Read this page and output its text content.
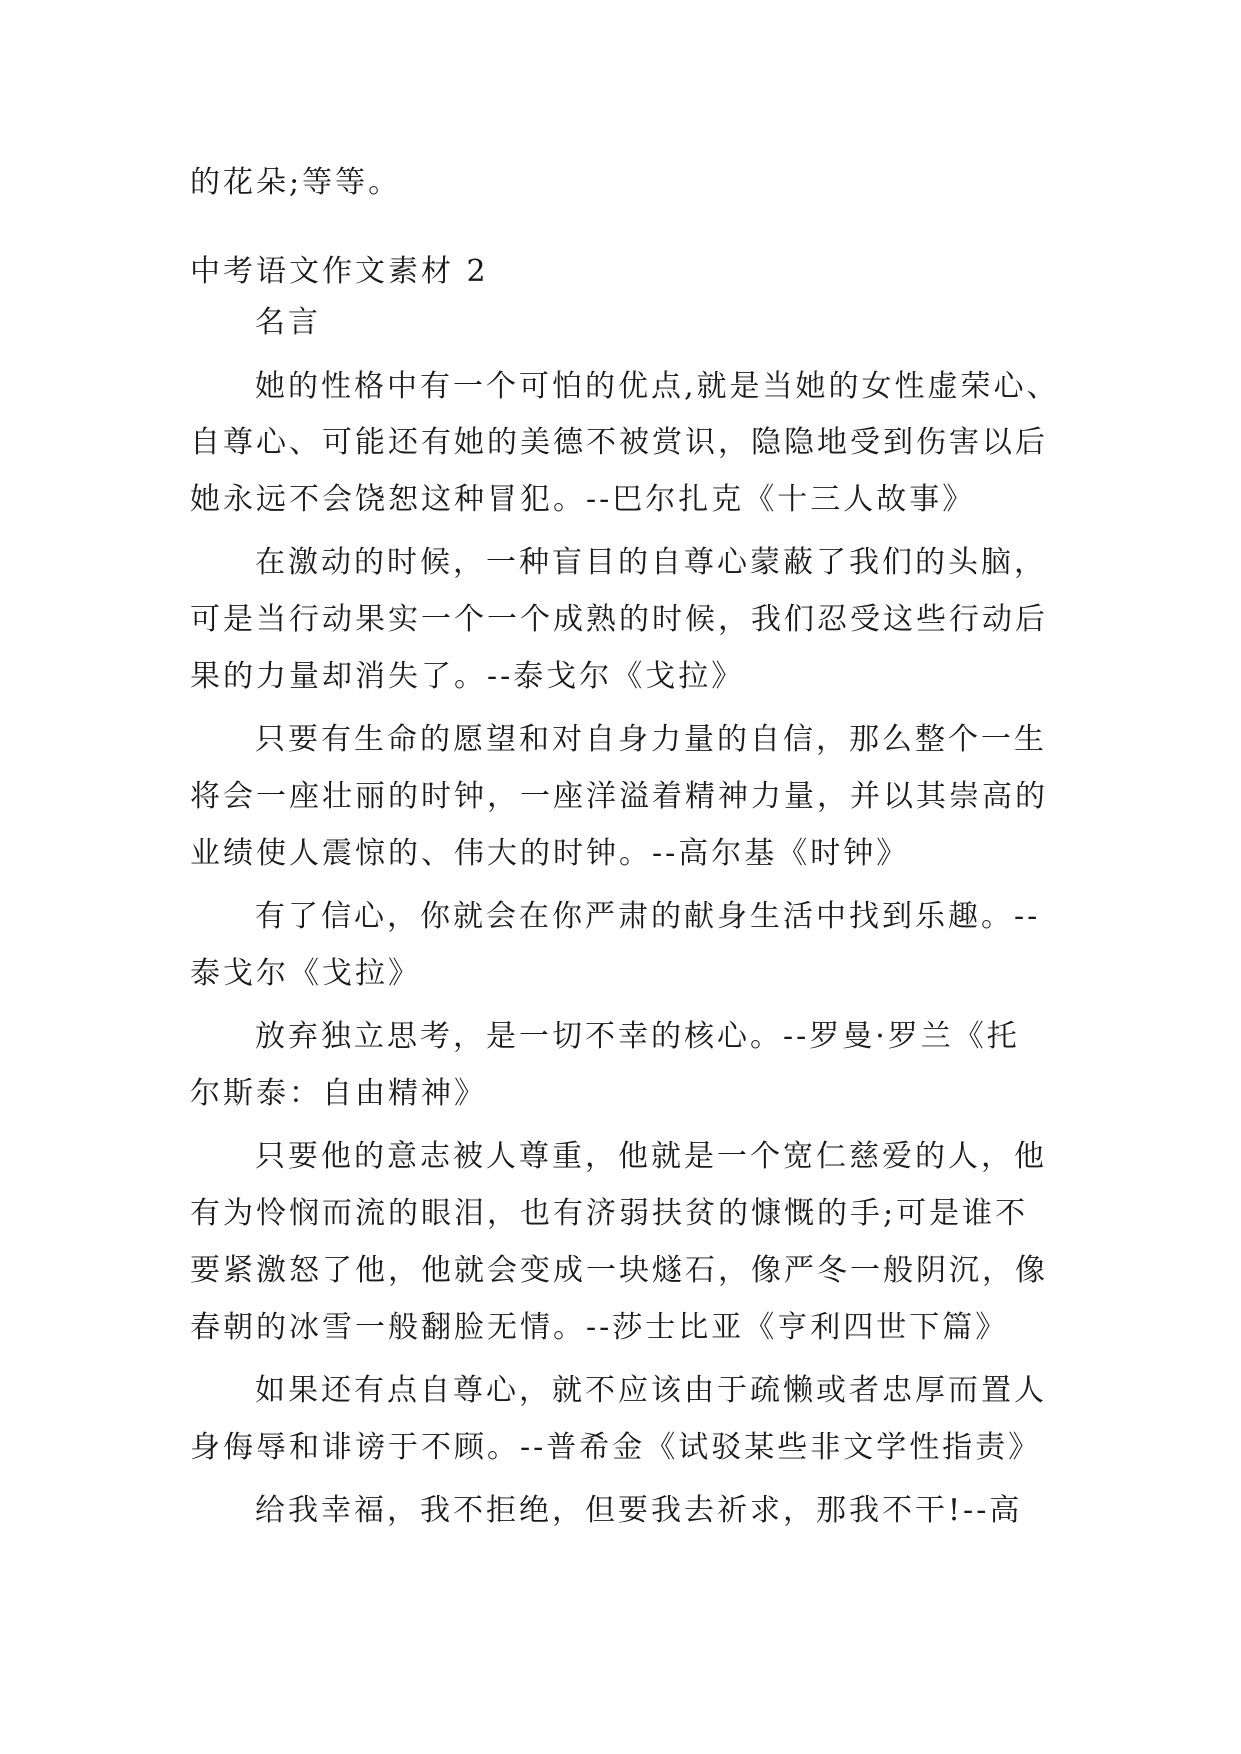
的花朵;等等。
中考语文作文素材 2
名言
她的性格中有一个可怕的优点,就是当她的女性虚荣心、
自尊心、可能还有她的美德不被赏识，隐隐地受到伤害以后
她永远不会饶恕这种冒犯。--巴尔扎克《十三人故事》
在激动的时候，一种盲目的自尊心蒙蔽了我们的头脑，
可是当行动果实一个一个成熟的时候，我们忍受这些行动后
果的力量却消失了。--泰戈尔《戈拉》
只要有生命的愿望和对自身力量的自信，那么整个一生
将会一座壮丽的时钟，一座洋溢着精神力量，并以其崇高的
业绩使人震惊的、伟大的时钟。--高尔基《时钟》
有了信心，你就会在你严肃的献身生活中找到乐趣。--
泰戈尔《戈拉》
放弃独立思考，是一切不幸的核心。--罗曼·罗兰《托
尔斯泰：自由精神》
只要他的意志被人尊重，他就是一个宽仁慈爱的人，他
有为怜悯而流的眼泪，也有济弱扶贫的慷慨的手;可是谁不
要紧激怒了他，他就会变成一块燧石，像严冬一般阴沉，像
春朝的冰雪一般翻脸无情。--莎士比亚《亨利四世下篇》
如果还有点自尊心，就不应该由于疏懒或者忠厚而置人
身侮辱和诽谤于不顾。--普希金《试驳某些非文学性指责》
给我幸福，我不拒绝，但要我去祈求，那我不干!--高
